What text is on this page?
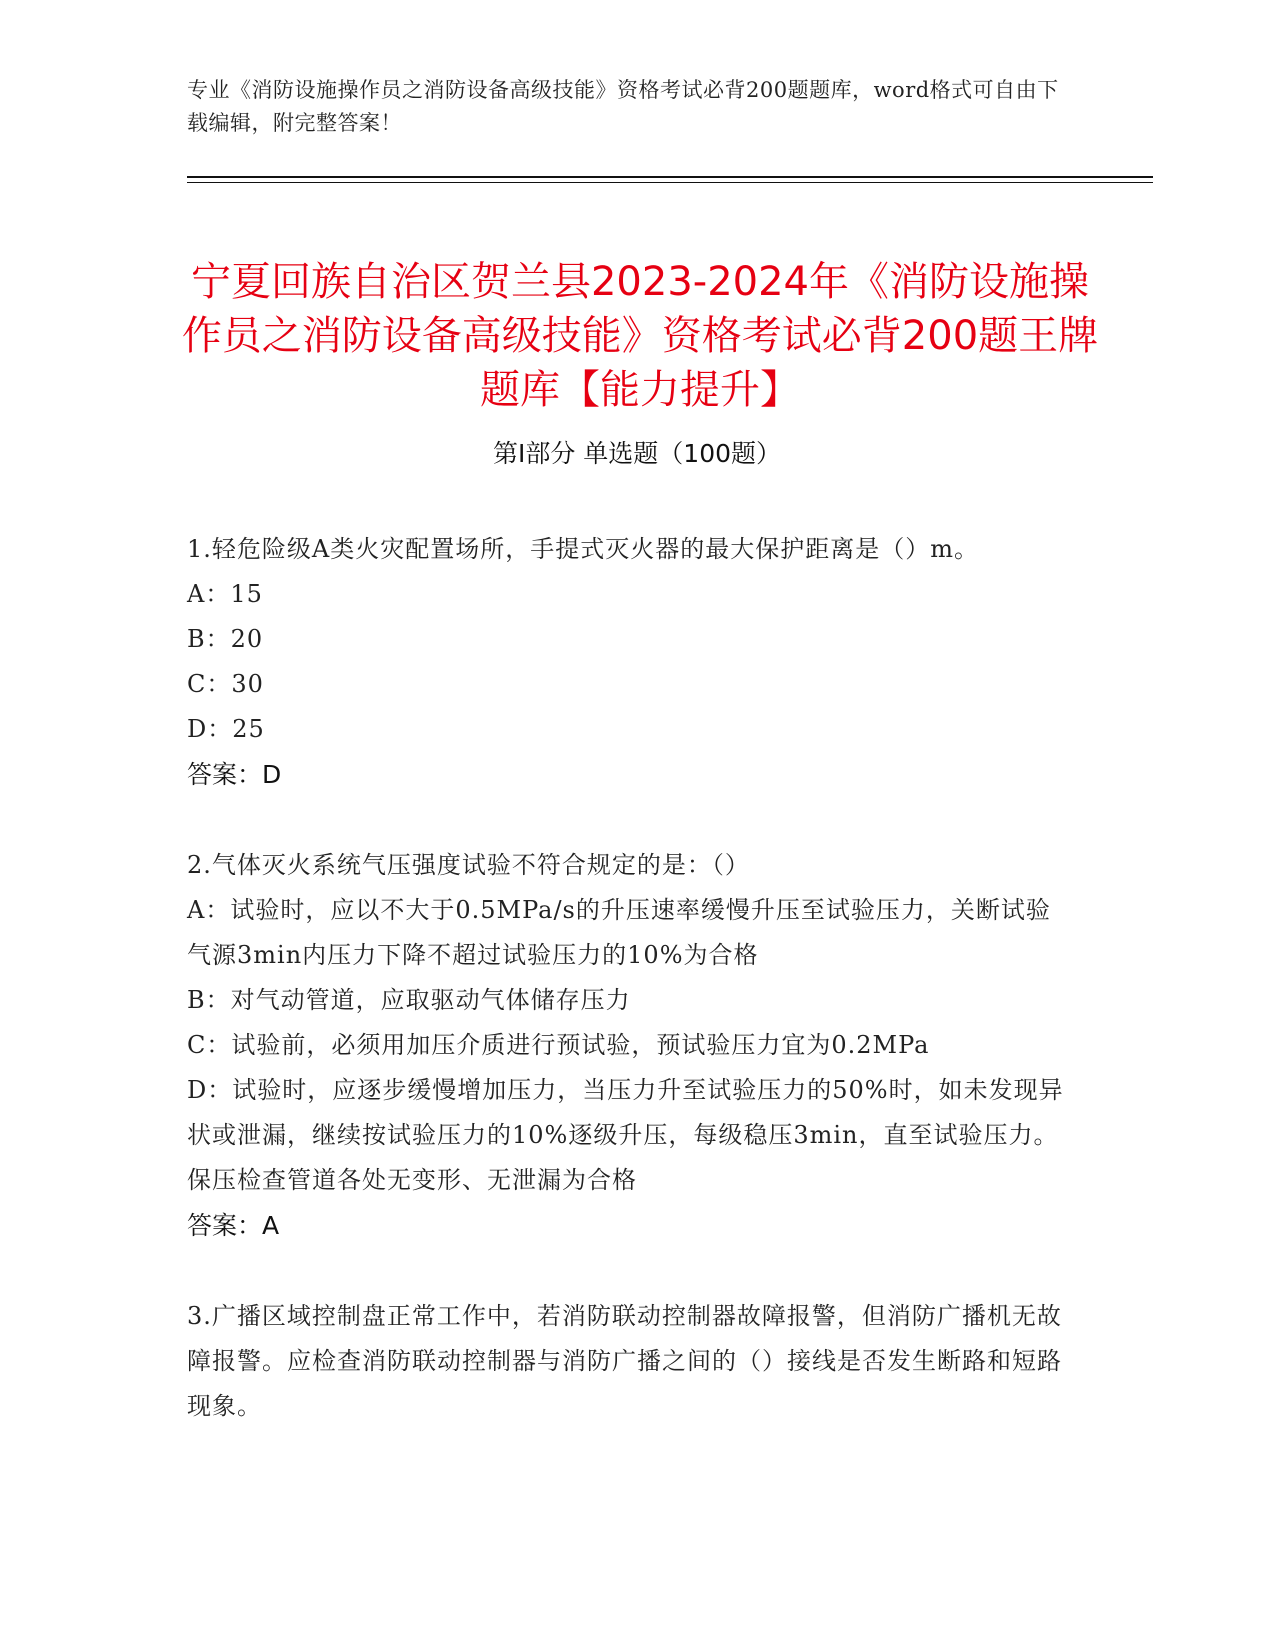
专业《消防设施操作员之消防设备高级技能》资格考试必背200题题库，word格式可自由下载编辑，附完整答案！
宁夏回族自治区贺兰县2023-2024年《消防设施操作员之消防设备高级技能》资格考试必背200题王牌题库【能力提升】
第I部分 单选题（100题）
1.轻危险级A类火灾配置场所，手提式灭火器的最大保护距离是（）m。
A：15
B：20
C：30
D：25
答案：D
2.气体灭火系统气压强度试验不符合规定的是：（）
A：试验时，应以不大于0.5MPa/s的升压速率缓慢升压至试验压力，关断试验气源3min内压力下降不超过试验压力的10%为合格
B：对气动管道，应取驱动气体储存压力
C：试验前，必须用加压介质进行预试验，预试验压力宜为0.2MPa
D：试验时，应逐步缓慢增加压力，当压力升至试验压力的50%时，如未发现异状或泄漏，继续按试验压力的10%逐级升压，每级稳压3min，直至试验压力。保压检查管道各处无变形、无泄漏为合格
答案：A
3.广播区域控制盘正常工作中，若消防联动控制器故障报警，但消防广播机无故障报警。应检查消防联动控制器与消防广播之间的（）接线是否发生断路和短路现象。
